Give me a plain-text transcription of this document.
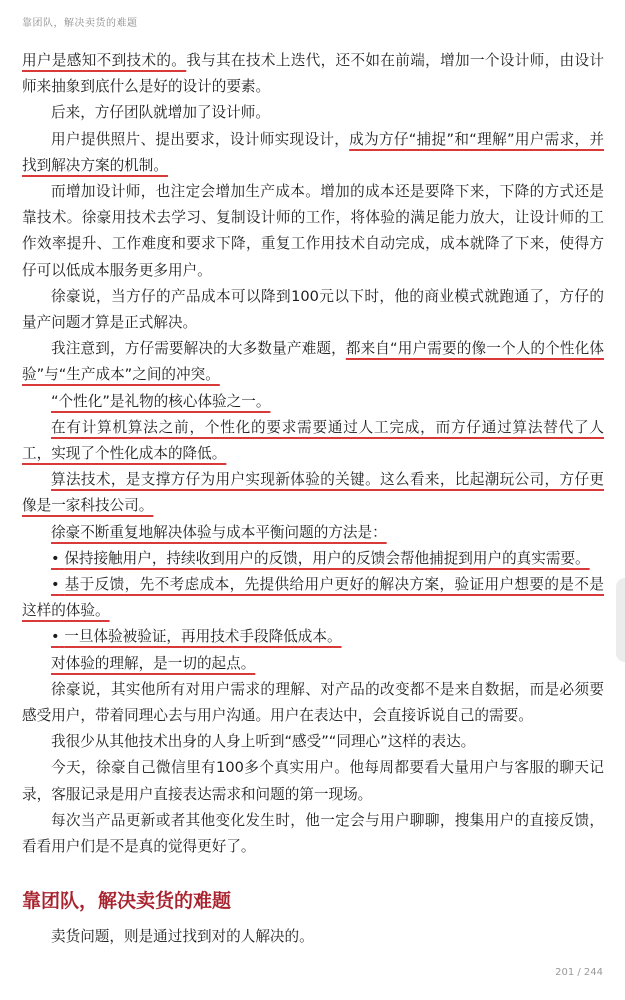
靠团队，解决卖货的难题

用户是感知不到技术的。我与其在技术上迭代，还不如在前端，增加一个设计师，由设计师来抽象到底什么是好的设计的要素。

后来，方仔团队就增加了设计师。

用户提供照片、提出要求，设计师实现设计，成为方仔“捕捉”和“理解”用户需求，并找到解决方案的机制。

而增加设计师，也注定会增加生产成本。增加的成本还是要降下来，下降的方式还是靠技术。徐豪用技术去学习、复制设计师的工作，将体验的满足能力放大，让设计师的工作效率提升、工作难度和要求下降，重复工作用技术自动完成，成本就降了下来，使得方仔可以低成本服务更多用户。

徐豪说，当方仔的产品成本可以降到100元以下时，他的商业模式就跑通了，方仔的量产问题才算是正式解决。

我注意到，方仔需要解决的大多数量产难题，都来自“用户需要的像一个人的个性化体验”与“生产成本”之间的冲突。

“个性化”是礼物的核心体验之一。

在有计算机算法之前，个性化的要求需要通过人工完成，而方仔通过算法替代了人工，实现了个性化成本的降低。

算法技术，是支撑方仔为用户实现新体验的关键。这么看来，比起潮玩公司，方仔更像是一家科技公司。

徐豪不断重复地解决体验与成本平衡问题的方法是：

• 保持接触用户，持续收到用户的反馈，用户的反馈会帮他捕捉到用户的真实需要。

• 基于反馈，先不考虑成本，先提供给用户更好的解决方案，验证用户想要的是不是这样的体验。

• 一旦体验被验证，再用技术手段降低成本。

对体验的理解，是一切的起点。

徐豪说，其实他所有对用户需求的理解、对产品的改变都不是来自数据，而是必须要感受用户，带着同理心去与用户沟通。用户在表达中，会直接诉说自己的需要。

我很少从其他技术出身的人身上听到“感受”“同理心”这样的表达。

今天，徐豪自己微信里有100多个真实用户。他每周都要看大量用户与客服的聊天记录，客服记录是用户直接表达需求和问题的第一现场。

每次当产品更新或者其他变化发生时，他一定会与用户聊聊，搜集用户的直接反馈，看看用户们是不是真的觉得更好了。

靠团队，解决卖货的难题

卖货问题，则是通过找到对的人解决的。

201 / 244
